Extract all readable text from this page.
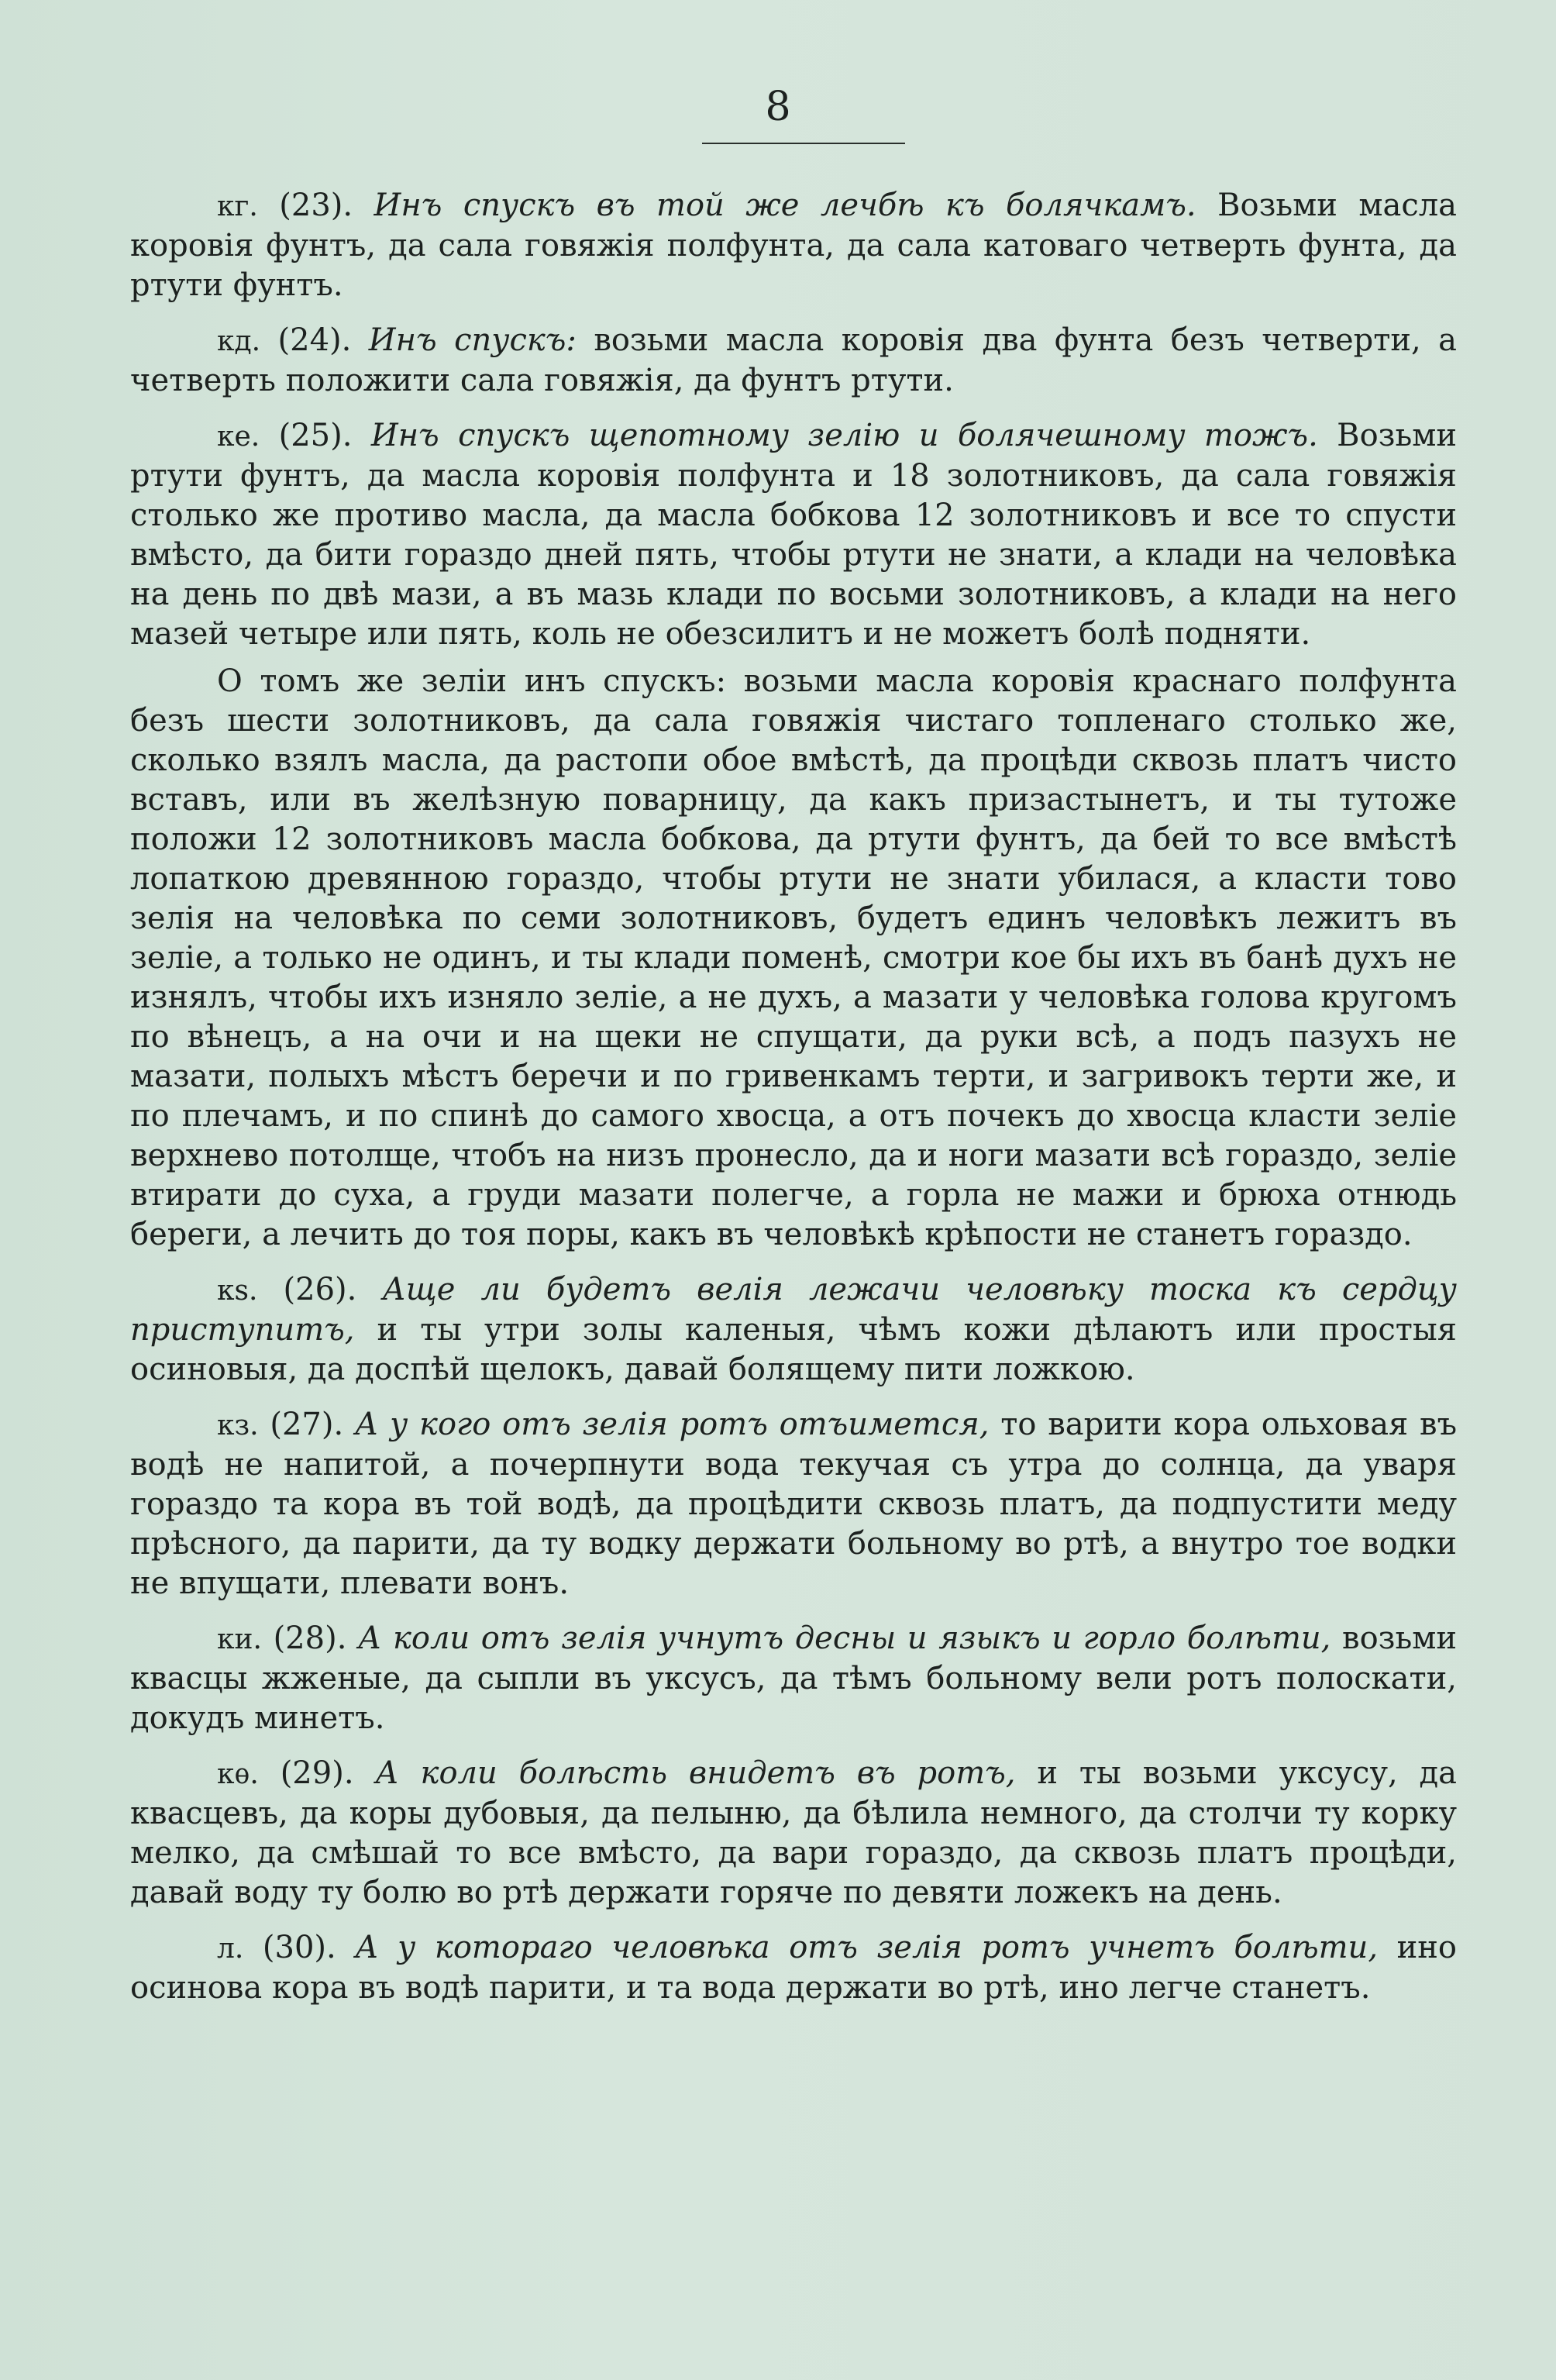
8

кг. (23). Инъ спускъ въ той же лечбѣ къ болячкамъ. Возьми масла коровія фунтъ, да сала говяжія полфунта, да сала катоваго четверть фунта, да ртути фунтъ.

кд. (24). Инъ спускъ: возьми масла коровія два фунта безъ четверти, а четверть положити сала говяжія, да фунтъ ртути.

ке. (25). Инъ спускъ щепотному зелію и болячешному тожъ. Возьми ртути фунтъ, да масла коровія полфунта и 18 золотниковъ, да сала говяжія столько же противо масла, да масла бобкова 12 золотниковъ и все то спусти вмѣсто, да бити гораздо дней пять, чтобы ртути не знати, а клади на человѣка на день по двѣ мази, а въ мазь клади по восьми золотниковъ, а клади на него мазей четыре или пять, коль не обезсилитъ и не можетъ болѣ подняти.

О томъ же зеліи инъ спускъ: возьми масла коровія краснаго полфунта безъ шести золотниковъ, да сала говяжія чистаго топленаго столько же, сколько взялъ масла, да растопи обое вмѣстѣ, да процѣди сквозь платъ чисто вставъ, или въ желѣзную поварницу, да какъ призастынетъ, и ты тутоже положи 12 золотниковъ масла бобкова, да ртути фунтъ, да бей то все вмѣстѣ лопаткою древянною гораздо, чтобы ртути не знати убилася, а класти тово зелія на человѣка по семи золотниковъ, будетъ единъ человѣкъ лежитъ въ зеліе, а только не одинъ, и ты клади поменѣ, смотри кое бы ихъ въ банѣ духъ не изнялъ, чтобы ихъ изняло зеліе, а не духъ, а мазати у человѣка голова кругомъ по вѣнецъ, а на очи и на щеки не спущати, да руки всѣ, а подъ пазухъ не мазати, полыхъ мѣстъ беречи и по гривенкамъ терти, и загривокъ терти же, и по плечамъ, и по спинѣ до самого хвосца, а отъ почекъ до хвосца класти зеліе верхнево потолще, чтобъ на низъ пронесло, да и ноги мазати всѣ гораздо, зеліе втирати до суха, а груди мазати полегче, а горла не мажи и брюха отнюдь береги, а лечить до тоя поры, какъ въ человѣкѣ крѣпости не станетъ гораздо.

кѕ. (26). Аще ли будетъ велія лежачи человѣку тоска къ сердцу приступитъ, и ты утри золы каленыя, чѣмъ кожи дѣлаютъ или простыя осиновыя, да доспѣй щелокъ, давай болящему пити ложкою.

кз. (27). А у кого отъ зелія ротъ отъимется, то варити кора ольховая въ водѣ не напитой, а почерпнути вода текучая съ утра до солнца, да уваря гораздо та кора въ той водѣ, да процѣдити сквозь платъ, да подпустити меду прѣсного, да парити, да ту водку держати больному во ртѣ, а внутро тое водки не впущати, плевати вонъ.

ки. (28). А коли отъ зелія учнутъ десны и языкъ и горло болѣти, возьми квасцы жженые, да сыпли въ уксусъ, да тѣмъ больному вели ротъ полоскати, докудъ минетъ.

кѳ. (29). А коли болѣсть внидетъ въ ротъ, и ты возьми уксусу, да квасцевъ, да коры дубовыя, да пелыню, да бѣлила немного, да столчи ту корку мелко, да смѣшай то все вмѣсто, да вари гораздо, да сквозь платъ процѣди, давай воду ту болю во ртѣ держати горяче по девяти ложекъ на день.

л. (30). А у котораго человѣка отъ зелія ротъ учнетъ болѣти, ино осинова кора въ водѣ парити, и та вода держати во ртѣ, ино легче станетъ.
